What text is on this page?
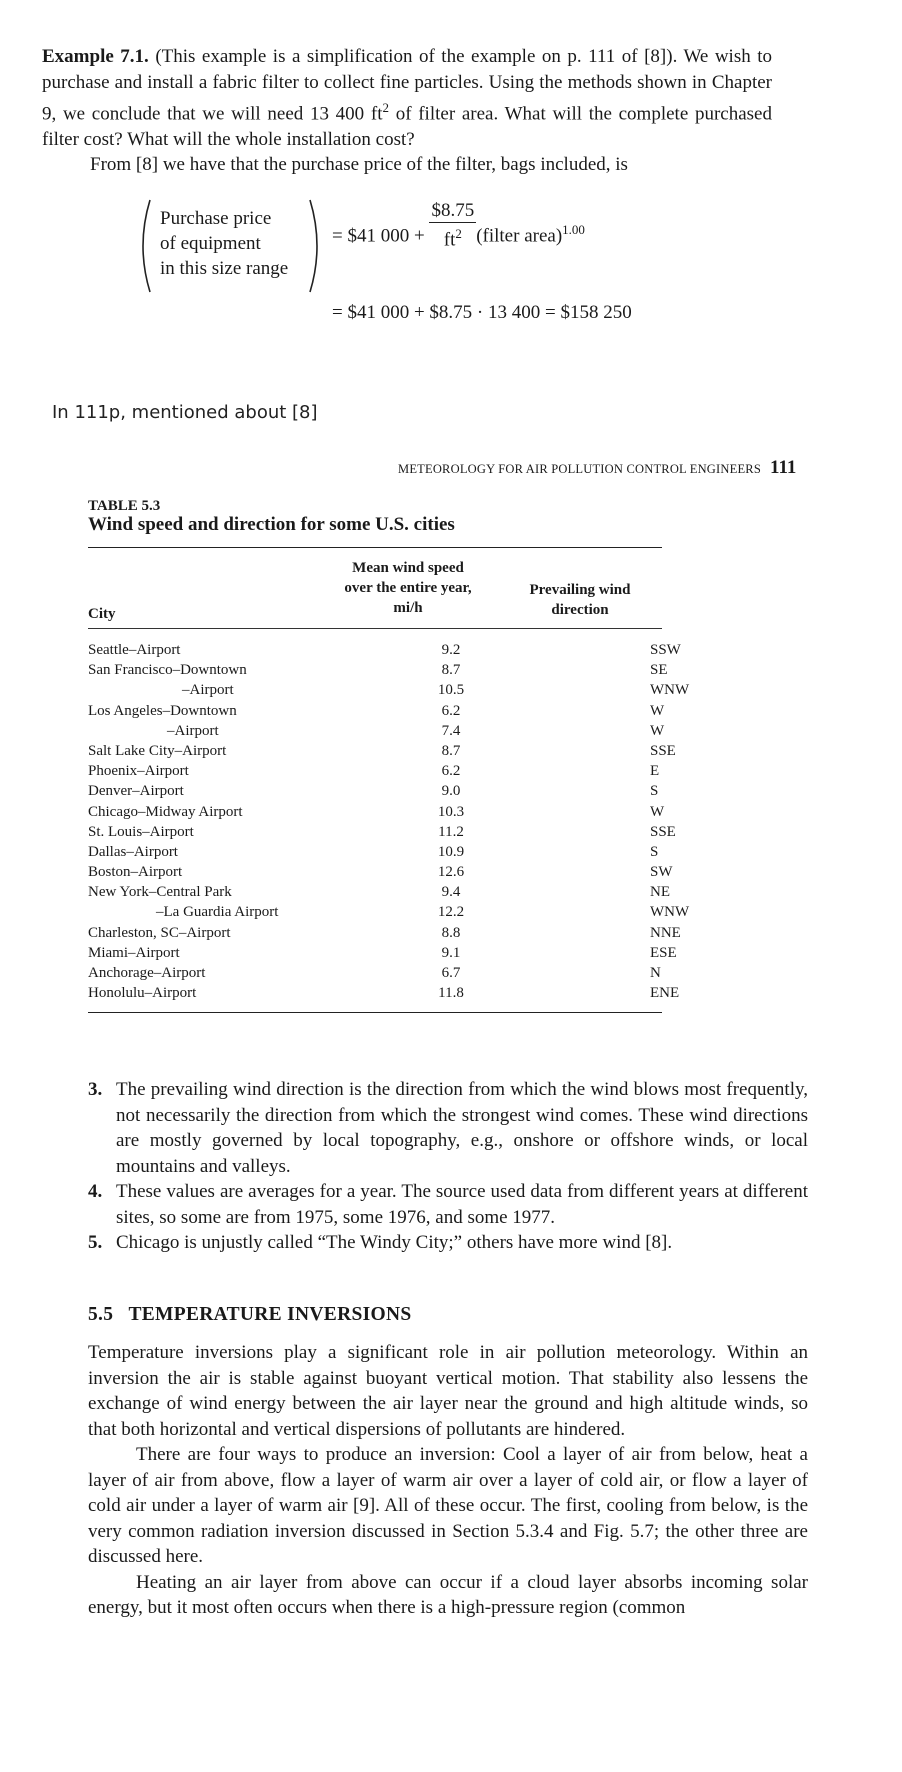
Example 7.1. (This example is a simplification of the example on p. 111 of [8]). We wish to purchase and install a fabric filter to collect fine particles. Using the methods shown in Chapter 9, we conclude that we will need 13 400 $ft^2$ of filter area. What will the complete purchased filter cost? What will the whole installation cost?
From [8] we have that the purchase price of the filter, bags included, is
Purchase price
of equipment
in this size range
= $41 $000 + \frac{\$8.75}{ft^2}$ (filter area)$^{1.00}$
= $41 000 + $8.75 · 13 400 = $158 250
In 111p, mentioned about [8]
METEOROLOGY FOR AIR POLLUTION CONTROL ENGINEERS 111
TABLE 5.3
Wind speed and direction for some U.S. cities
City
Mean wind speed
over the entire year,
mi/h
Prevailing wind
direction
Seattle–Airport	9.2	SSW
San Francisco–Downtown	8.7	SE
–Airport	10.5	WNW
Los Angeles–Downtown	6.2	W
–Airport	7.4	W
Salt Lake City–Airport	8.7	SSE
Phoenix–Airport	6.2	E
Denver–Airport	9.0	S
Chicago–Midway Airport	10.3	W
St. Louis–Airport	11.2	SSE
Dallas–Airport	10.9	S
Boston–Airport	12.6	SW
New York–Central Park	9.4	NE
–La Guardia Airport	12.2	WNW
Charleston, SC–Airport	8.8	NNE
Miami–Airport	9.1	ESE
Anchorage–Airport	6.7	N
Honolulu–Airport	11.8	ENE
3. The prevailing wind direction is the direction from which the wind blows most frequently, not necessarily the direction from which the strongest wind comes. These wind directions are mostly governed by local topography, e.g., onshore or offshore winds, or local mountains and valleys.
4. These values are averages for a year. The source used data from different years at different sites, so some are from 1975, some 1976, and some 1977.
5. Chicago is unjustly called “The Windy City;” others have more wind [8].
5.5   TEMPERATURE INVERSIONS

Temperature inversions play a significant role in air pollution meteorology. Within an inversion the air is stable against buoyant vertical motion. That stability also lessens the exchange of wind energy between the air layer near the ground and high altitude winds, so that both horizontal and vertical dispersions of pollutants are hindered.

There are four ways to produce an inversion: Cool a layer of air from below, heat a layer of air from above, flow a layer of warm air over a layer of cold air, or flow a layer of cold air under a layer of warm air [9]. All of these occur. The first, cooling from below, is the very common radiation inversion discussed in Section 5.3.4 and Fig. 5.7; the other three are discussed here.

Heating an air layer from above can occur if a cloud layer absorbs incoming solar energy, but it most often occurs when there is a high-pressure region (common
